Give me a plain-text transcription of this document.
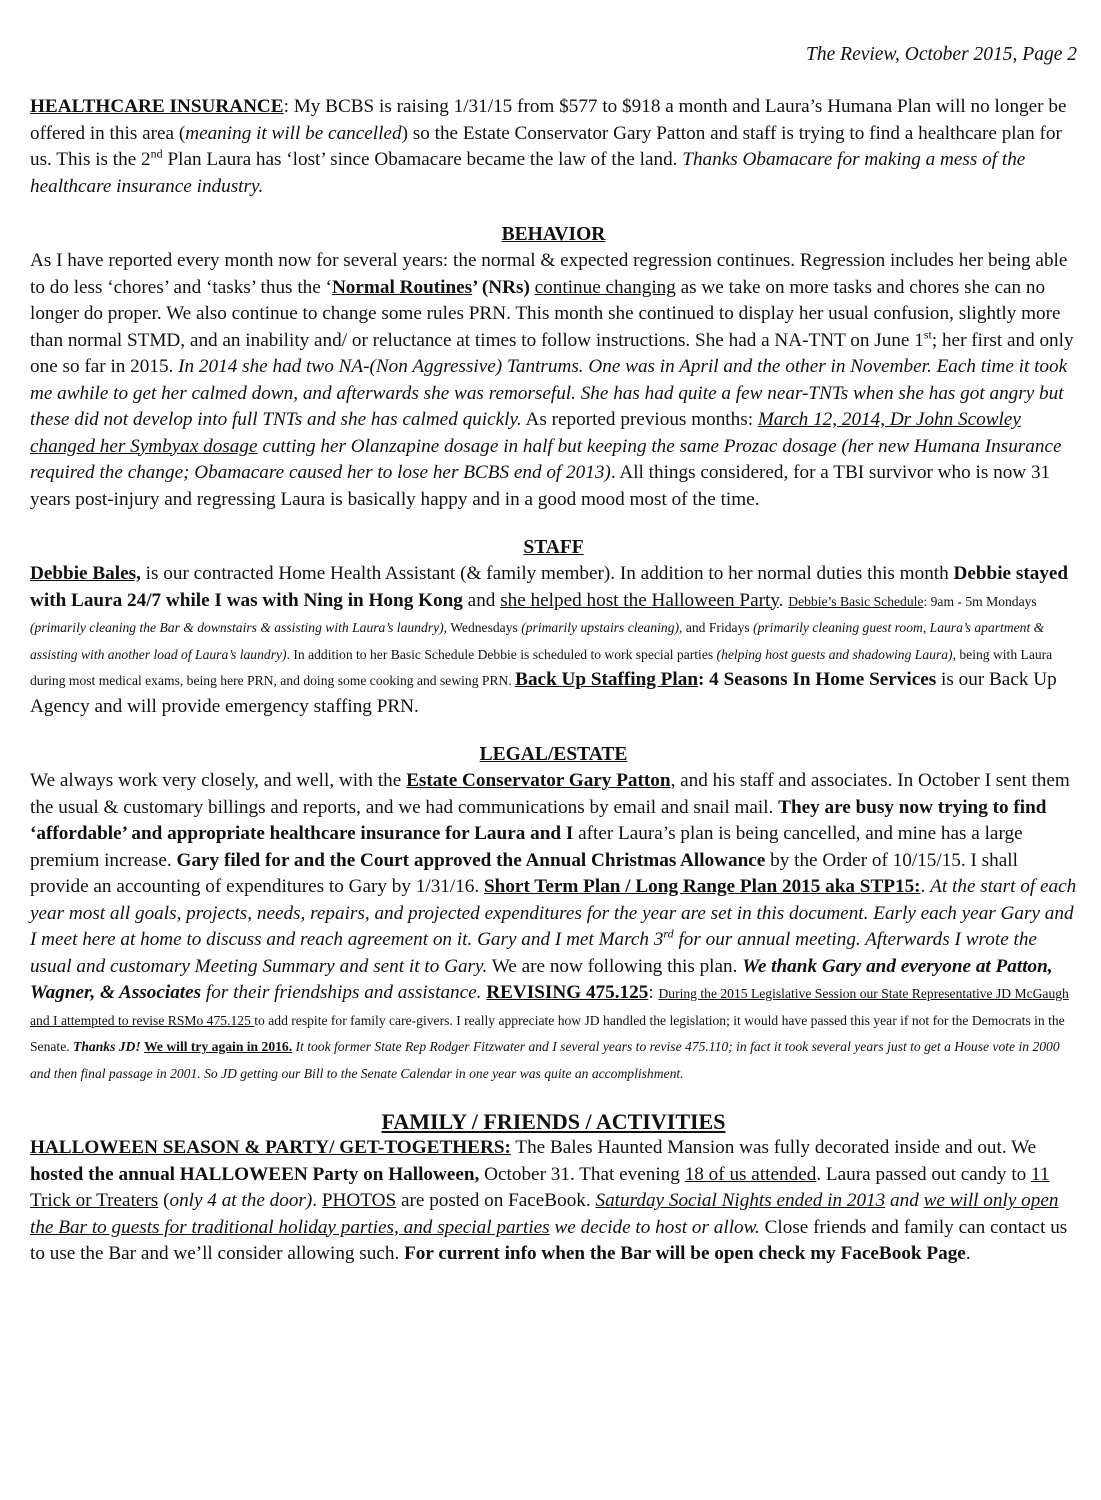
The Review, October 2015, Page 2

HEALTHCARE INSURANCE: My BCBS is raising 1/31/15 from $577 to $918 a month and Laura’s Humana Plan will no longer be offered in this area (meaning it will be cancelled) so the Estate Conservator Gary Patton and staff is trying to find a healthcare plan for us. This is the 2nd Plan Laura has ‘lost’ since Obamacare became the law of the land. Thanks Obamacare for making a mess of the healthcare insurance industry.

BEHAVIOR

As I have reported every month now for several years: the normal & expected regression continues. Regression includes her being able to do less ‘chores’ and ‘tasks’ thus the ‘Normal Routines’ (NRs) continue changing as we take on more tasks and chores she can no longer do proper. We also continue to change some rules PRN. This month she continued to display her usual confusion, slightly more than normal STMD, and an inability and/ or reluctance at times to follow instructions. She had a NA-TNT on June 1st; her first and only one so far in 2015. In 2014 she had two NA-(Non Aggressive) Tantrums. One was in April and the other in November. Each time it took me awhile to get her calmed down, and afterwards she was remorseful. She has had quite a few near-TNTs when she has got angry but these did not develop into full TNTs and she has calmed quickly. As reported previous months: March 12, 2014, Dr John Scowley changed her Symbyax dosage cutting her Olanzapine dosage in half but keeping the same Prozac dosage (her new Humana Insurance required the change; Obamacare caused her to lose her BCBS end of 2013). All things considered, for a TBI survivor who is now 31 years post-injury and regressing Laura is basically happy and in a good mood most of the time.

STAFF

Debbie Bales, is our contracted Home Health Assistant (& family member). In addition to her normal duties this month Debbie stayed with Laura 24/7 while I was with Ning in Hong Kong and she helped host the Halloween Party. Debbie’s Basic Schedule: 9am - 5m Mondays (primarily cleaning the Bar & downstairs & assisting with Laura’s laundry), Wednesdays (primarily upstairs cleaning), and Fridays (primarily cleaning guest room, Laura’s apartment & assisting with another load of Laura’s laundry). In addition to her Basic Schedule Debbie is scheduled to work special parties (helping host guests and shadowing Laura), being with Laura during most medical exams, being here PRN, and doing some cooking and sewing PRN. Back Up Staffing Plan: 4 Seasons In Home Services is our Back Up Agency and will provide emergency staffing PRN.

LEGAL/ESTATE

We always work very closely, and well, with the Estate Conservator Gary Patton, and his staff and associates. In October I sent them the usual & customary billings and reports, and we had communications by email and snail mail. They are busy now trying to find ‘affordable’ and appropriate healthcare insurance for Laura and I after Laura’s plan is being cancelled, and mine has a large premium increase. Gary filed for and the Court approved the Annual Christmas Allowance by the Order of 10/15/15. I shall provide an accounting of expenditures to Gary by 1/31/16. Short Term Plan / Long Range Plan 2015 aka STP15:. At the start of each year most all goals, projects, needs, repairs, and projected expenditures for the year are set in this document. Early each year Gary and I meet here at home to discuss and reach agreement on it. Gary and I met March 3rd for our annual meeting. Afterwards I wrote the usual and customary Meeting Summary and sent it to Gary. We are now following this plan. We thank Gary and everyone at Patton, Wagner, & Associates for their friendships and assistance. REVISING 475.125: During the 2015 Legislative Session our State Representative JD McGaugh and I attempted to revise RSMo 475.125 to add respite for family care-givers. I really appreciate how JD handled the legislation; it would have passed this year if not for the Democrats in the Senate. Thanks JD! We will try again in 2016. It took former State Rep Rodger Fitzwater and I several years to revise 475.110; in fact it took several years just to get a House vote in 2000 and then final passage in 2001. So JD getting our Bill to the Senate Calendar in one year was quite an accomplishment.

FAMILY / FRIENDS / ACTIVITIES

HALLOWEEN SEASON & PARTY/ GET-TOGETHERS: The Bales Haunted Mansion was fully decorated inside and out. We hosted the annual HALLOWEEN Party on Halloween, October 31. That evening 18 of us attended. Laura passed out candy to 11 Trick or Treaters (only 4 at the door). PHOTOS are posted on FaceBook. Saturday Social Nights ended in 2013 and we will only open the Bar to guests for traditional holiday parties, and special parties we decide to host or allow. Close friends and family can contact us to use the Bar and we’ll consider allowing such. For current info when the Bar will be open check my FaceBook Page.
